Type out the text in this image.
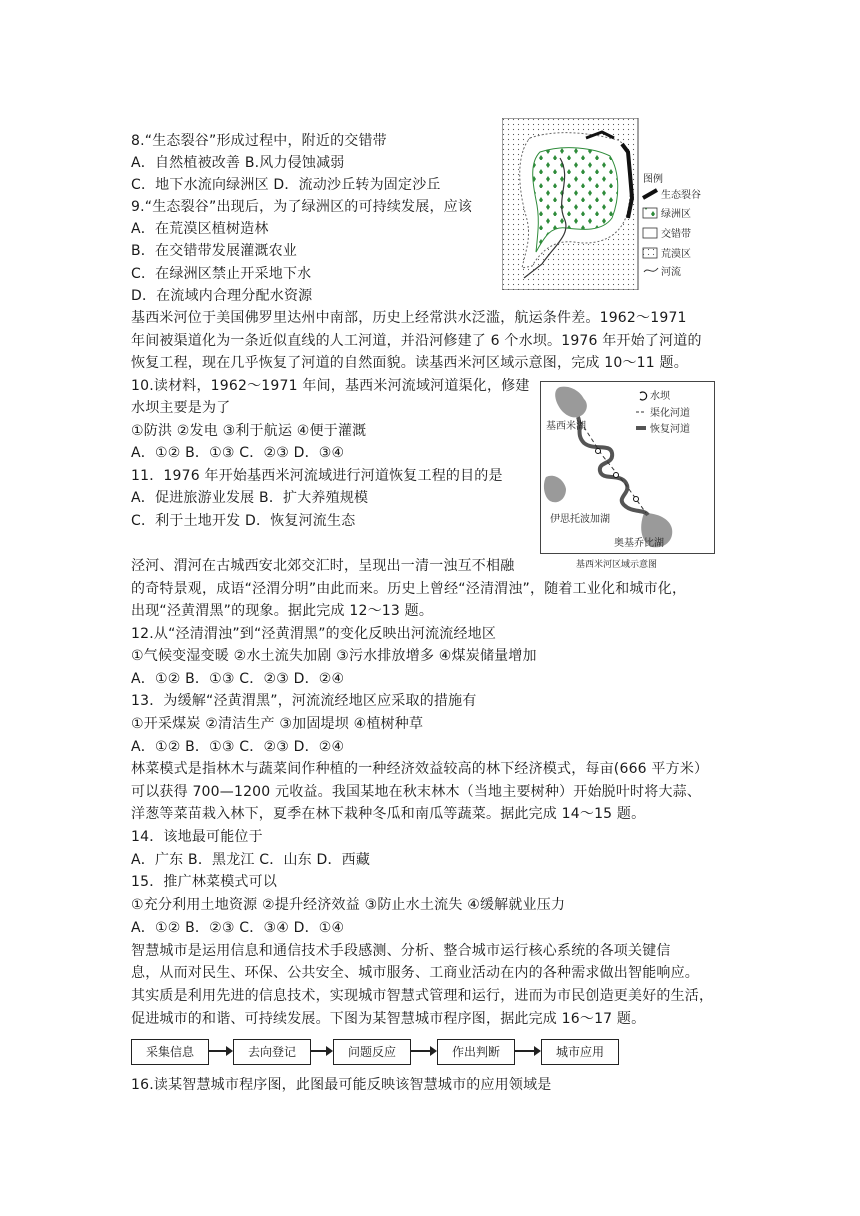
8.“生态裂谷”形成过程中，附近的交错带
A．自然植被改善 B.风力侵蚀减弱
C．地下水流向绿洲区 D．流动沙丘转为固定沙丘
9.“生态裂谷”出现后，为了绿洲区的可持续发展，应该
A．在荒漠区植树造林
B．在交错带发展灌溉农业
C．在绿洲区禁止开采地下水
D．在流域内合理分配水资源
基西米河位于美国佛罗里达州中南部，历史上经常洪水泛滥，航运条件差。1962～1971
年间被渠道化为一条近似直线的人工河道，并沿河修建了 6 个水坝。1976 年开始了河道的
恢复工程，现在几乎恢复了河道的自然面貌。读基西米河区域示意图，完成 10～11 题。
10.读材料，1962～1971 年间，基西米河流域河道渠化，修建
水坝主要是为了
①防洪 ②发电 ③利于航运 ④便于灌溉
A．①② B．①③ C．②③ D．③④
11．1976 年开始基西米河流域进行河道恢复工程的目的是
A．促进旅游业发展 B．扩大养殖规模
C．利于土地开发 D．恢复河流生态
泾河、渭河在古城西安北郊交汇时，呈现出一清一浊互不相融
的奇特景观，成语“泾渭分明”由此而来。历史上曾经“泾清渭浊”，随着工业化和城市化，
出现“泾黄渭黑”的现象。据此完成 12～13 题。
12.从“泾清渭浊”到“泾黄渭黑”的变化反映出河流流经地区
①气候变湿变暖 ②水土流失加剧 ③污水排放增多 ④煤炭储量增加
A．①② B．①③ C．②③ D．②④
13．为缓解“泾黄渭黑”，河流流经地区应采取的措施有
①开采煤炭 ②清洁生产 ③加固堤坝 ④植树种草
A．①② B．①③ C．②③ D．②④
林菜模式是指林木与蔬菜间作种植的一种经济效益较高的林下经济模式，每亩(666 平方米）
可以获得 700—1200 元收益。我国某地在秋末林木（当地主要树种）开始脱叶时将大蒜、
洋葱等菜苗栽入林下，夏季在林下栽种冬瓜和南瓜等蔬菜。据此完成 14～15 题。
14．该地最可能位于
A．广东 B．黑龙江 C．山东 D．西藏
15．推广林菜模式可以
①充分利用土地资源 ②提升经济效益 ③防止水土流失 ④缓解就业压力
A．①② B．②③ C．③④ D．①④
智慧城市是运用信息和通信技术手段感测、分析、整合城市运行核心系统的各项关键信
息，从而对民生、环保、公共安全、城市服务、工商业活动在内的各种需求做出智能响应。
其实质是利用先进的信息技术，实现城市智慧式管理和运行，进而为市民创造更美好的生活，
促进城市的和谐、可持续发展。下图为某智慧城市程序图，据此完成 16～17 题。
16.读某智慧城市程序图，此图最可能反映该智慧城市的应用领域是
图例
生态裂谷
绿洲区
交错带
荒漠区
河流
水坝
渠化河道
恢复河道
基西米湖
伊思托波加湖
奥基乔比湖
基西米河区域示意图
采集信息	去向登记	问题反应	作出判断	城市应用
